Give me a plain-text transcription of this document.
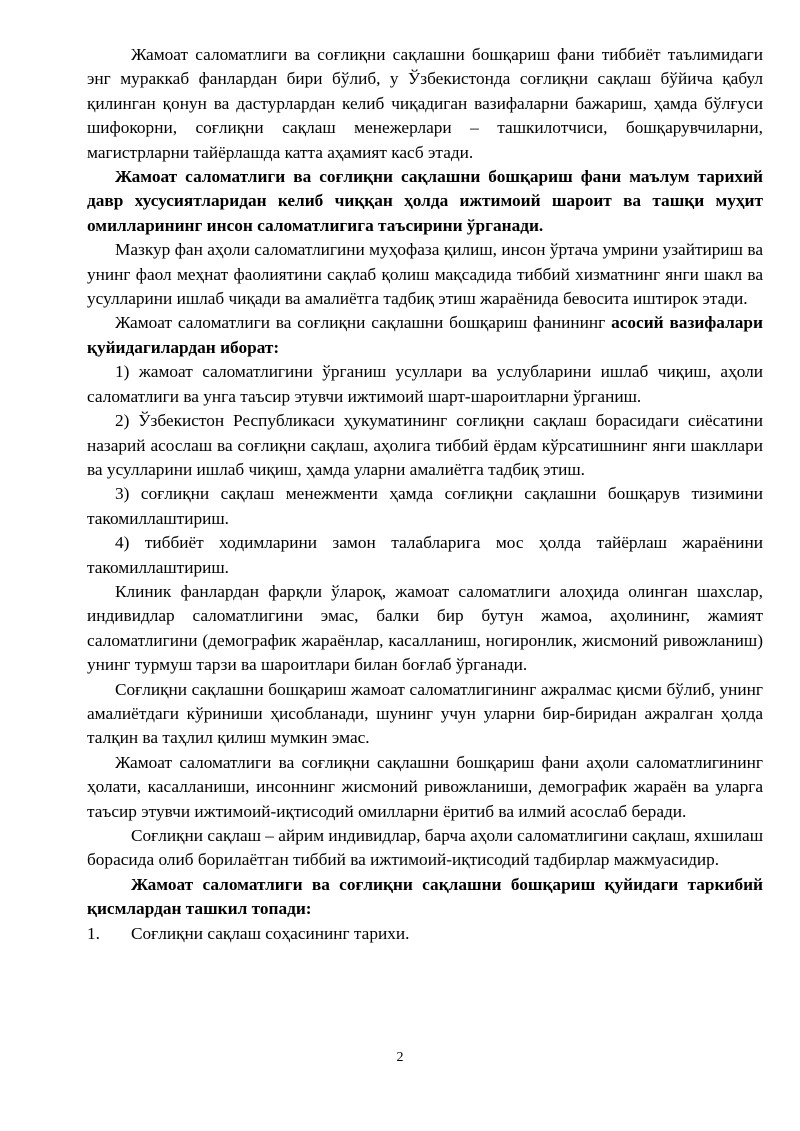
Жамоат саломатлиги ва соғлиқни сақлашни бошқариш фани тиббиёт таълимидаги энг мураккаб фанлардан бири бўлиб, у Ўзбекистонда соғлиқни сақлаш бўйича қабул қилинган қонун ва дастурлардан келиб чиқадиган вазифаларни бажариш, ҳамда бўлғуси шифокорни, соғлиқни сақлаш менежерлари – ташкилотчиси, бошқарувчиларни, магистрларни тайёрлашда катта аҳамият касб этади.

Жамоат саломатлиги ва соғлиқни сақлашни бошқариш фани маълум тарихий давр хусусиятларидан келиб чиққан ҳолда ижтимоий шароит ва ташқи муҳит омилларининг инсон саломатлигига таъсирини ўрганади.

Мазкур фан аҳоли саломатлигини муҳофаза қилиш, инсон ўртача умрини узайтириш ва унинг фаол меҳнат фаолиятини сақлаб қолиш мақсадида тиббий хизматнинг янги шакл ва усулларини ишлаб чиқади ва амалиётга тадбиқ этиш жараёнида бевосита иштирок этади.

Жамоат саломатлиги ва соғлиқни сақлашни бошқариш фанининг асосий вазифалари қуйидагилардан иборат:

1) жамоат саломатлигини ўрганиш усуллари ва услубларини ишлаб чиқиш, аҳоли саломатлиги ва унга таъсир этувчи ижтимоий шарт-шароитларни ўрганиш.

2) Ўзбекистон Республикаси ҳукуматининг соғлиқни сақлаш борасидаги сиёсатини назарий асослаш ва соғлиқни сақлаш, аҳолига тиббий ёрдам кўрсатишнинг янги шакллари ва усулларини ишлаб чиқиш, ҳамда уларни амалиётга тадбиқ этиш.

3) соғлиқни сақлаш менежменти ҳамда соғлиқни сақлашни бошқарув тизимини такомиллаштириш.

4) тиббиёт ходимларини замон талабларига мос ҳолда тайёрлаш жараёнини такомиллаштириш.

Клиник фанлардан фарқли ўлароқ, жамоат саломатлиги алоҳида олинган шахслар, индивидлар саломатлигини эмас, балки бир бутун жамоа, аҳолининг, жамият саломатлигини (демографик жараёнлар, касалланиш, ногиронлик, жисмоний ривожланиш) унинг турмуш тарзи ва шароитлари билан боғлаб ўрганади.

Соғлиқни сақлашни бошқариш жамоат саломатлигининг ажралмас қисми бўлиб, унинг амалиётдаги кўриниши ҳисобланади, шунинг учун уларни бир-биридан ажралган ҳолда талқин ва таҳлил қилиш мумкин эмас.

Жамоат саломатлиги ва соғлиқни сақлашни бошқариш фани аҳоли саломатлигининг ҳолати, касалланиши, инсоннинг жисмоний ривожланиши, демографик жараён ва уларга таъсир этувчи ижтимоий-иқтисодий омилларни ёритиб ва илмий асослаб беради.

Соғлиқни сақлаш – айрим индивидлар, барча аҳоли саломатлигини сақлаш, яхшилаш борасида олиб борилаётган тиббий ва ижтимоий-иқтисодий тадбирлар мажмуасидир.

Жамоат саломатлиги ва соғлиқни сақлашни бошқариш қуйидаги таркибий қисмлардан ташкил топади:

1.	Соғлиқни сақлаш соҳасининг тарихи.
2
